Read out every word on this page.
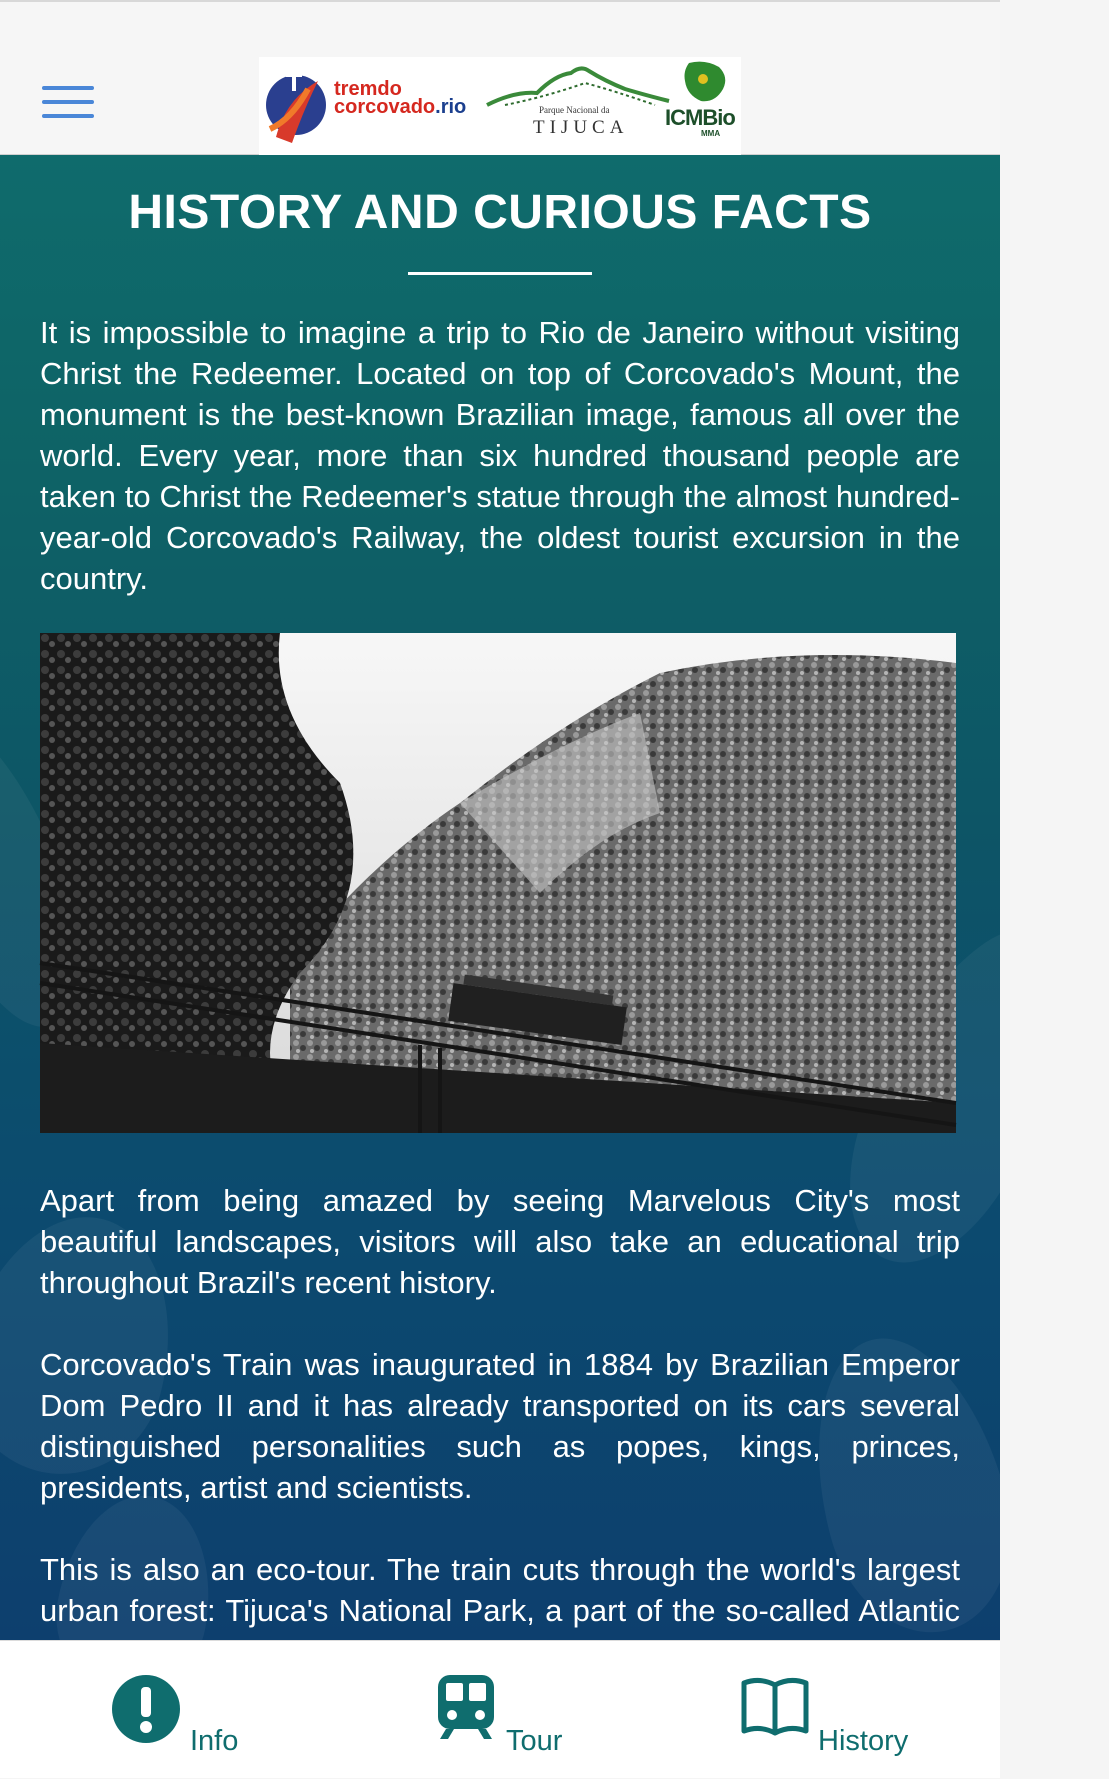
tremdo
corcovado.rio	Parque Nacional da
TIJUCA ICMBio
MMA
HISTORY AND CURIOUS FACTS

It is impossible to imagine a trip to Rio de Janeiro without visiting Christ the Redeemer. Located on top of Corcovado's Mount, the monument is the best-known Brazilian image, famous all over the world. Every year, more than six hundred thousand people are taken to Christ the Redeemer's statue through the almost hundred-year-old Corcovado's Railway, the oldest tourist excursion in the country.

Apart from being amazed by seeing Marvelous City's most beautiful landscapes, visitors will also take an educational trip throughout Brazil's recent history.

Corcovado's Train was inaugurated in 1884 by Brazilian Emperor Dom Pedro II and it has already transported on its cars several distinguished personalities such as popes, kings, princes, presidents, artist and scientists.

This is also an eco-tour. The train cuts through the world's largest urban forest: Tijuca's National Park, a part of the so-called Atlantic

Info	Tour	History
